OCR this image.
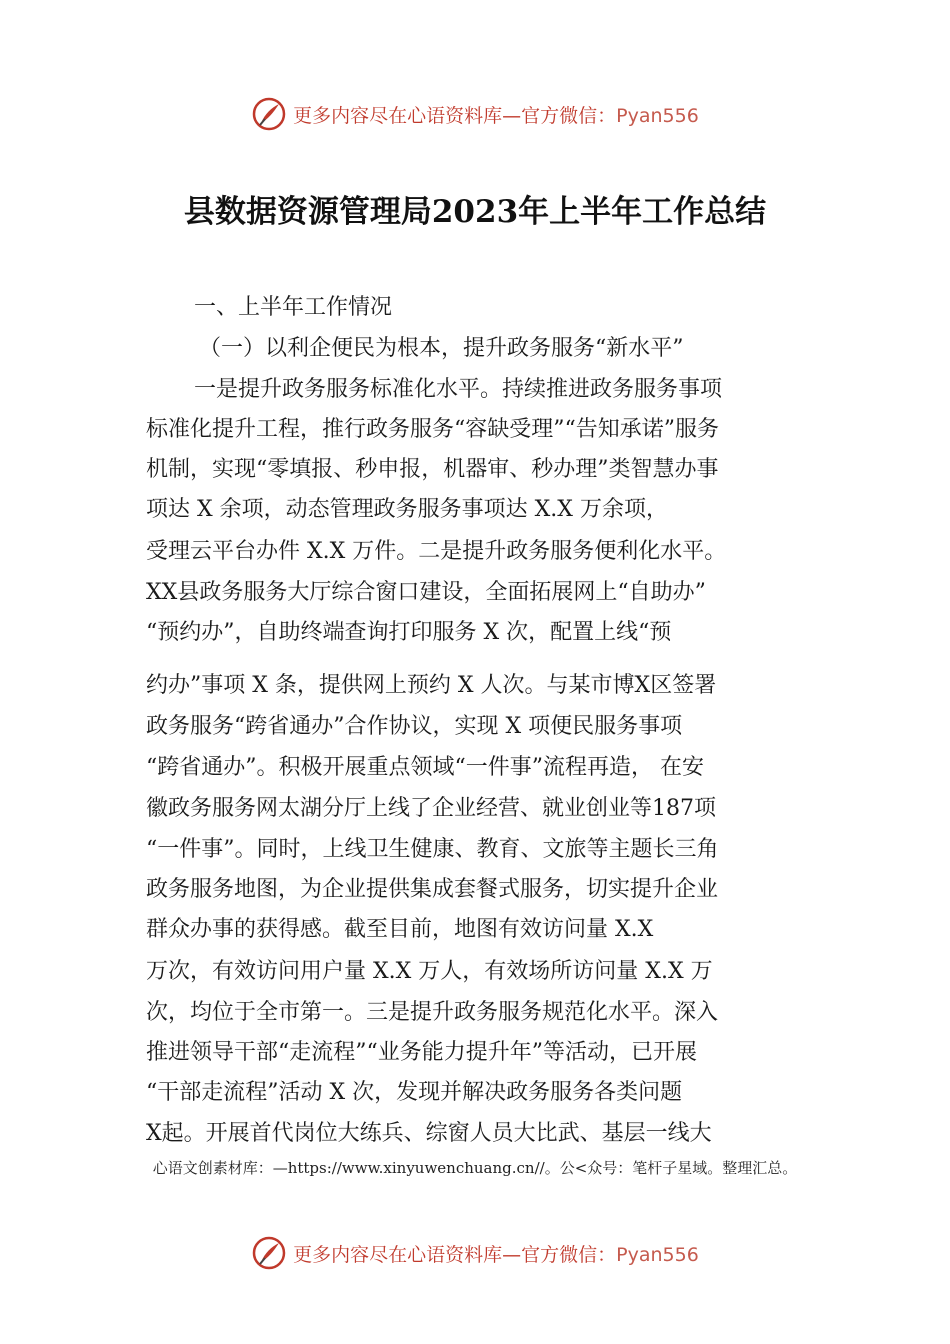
更多内容尽在心语资料库—官方微信：Pyan556
县数据资源管理局2023年上半年工作总结
一、上半年工作情况
（一）以利企便民为根本，提升政务服务“新水平”
一是提升政务服务标准化水平。持续推进政务服务事项
标准化提升工程，推行政务服务“容缺受理”“告知承诺”服务
机制，实现“零填报、秒申报，机器审、秒办理”类智慧办事
项达 X 余项，动态管理政务服务事项达 X.X 万余项，
受理云平台办件 X.X 万件。二是提升政务服务便利化水平。
XX县政务服务大厅综合窗口建设，全面拓展网上“自助办”
“预约办”，自助终端查询打印服务 X 次，配置上线“预
约办”事项 X 条，提供网上预约 X 人次。与某市博X区签署
政务服务“跨省通办”合作协议，实现 X 项便民服务事项
“跨省通办”。积极开展重点领域“一件事”流程再造， 在安
徽政务服务网太湖分厅上线了企业经营、就业创业等187项
“一件事”。同时，上线卫生健康、教育、文旅等主题长三角
政务服务地图，为企业提供集成套餐式服务，切实提升企业
群众办事的获得感。截至目前，地图有效访问量 X.X
万次，有效访问用户量 X.X 万人，有效场所访问量 X.X 万
次，均位于全市第一。三是提升政务服务规范化水平。深入
推进领导干部“走流程”“业务能力提升年”等活动，已开展
“干部走流程”活动 X 次，发现并解决政务服务各类问题
X起。开展首代岗位大练兵、综窗人员大比武、基层一线大
心语文创素材库：—https://www.xinyuwenchuang.cn//。公<众号：笔杆子星域。整理汇总。
更多内容尽在心语资料库—官方微信：Pyan556
